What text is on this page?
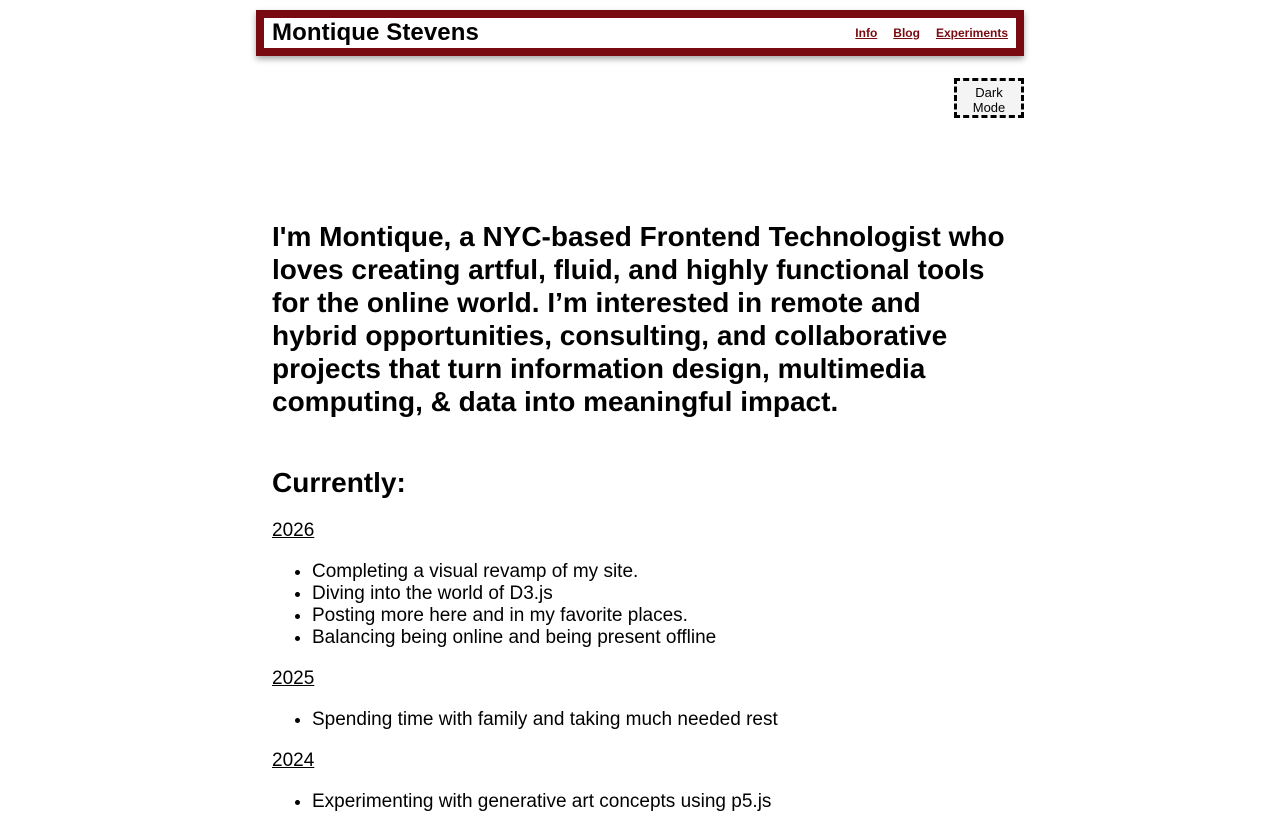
Montique Stevens	Info Blog Experiments
Dark
Mode

I'm Montique, a NYC-based Frontend Technologist who loves creating artful, fluid, and highly functional tools for the online world. I’m interested in remote and hybrid opportunities, consulting, and collaborative projects that turn information design, multimedia computing, & data into meaningful impact.

Currently:
2026
• Completing a visual revamp of my site.
• Diving into the world of D3.js
• Posting more here and in my favorite places.
• Balancing being online and being present offline
2025
• Spending time with family and taking much needed rest
2024
• Experimenting with generative art concepts using p5.js
